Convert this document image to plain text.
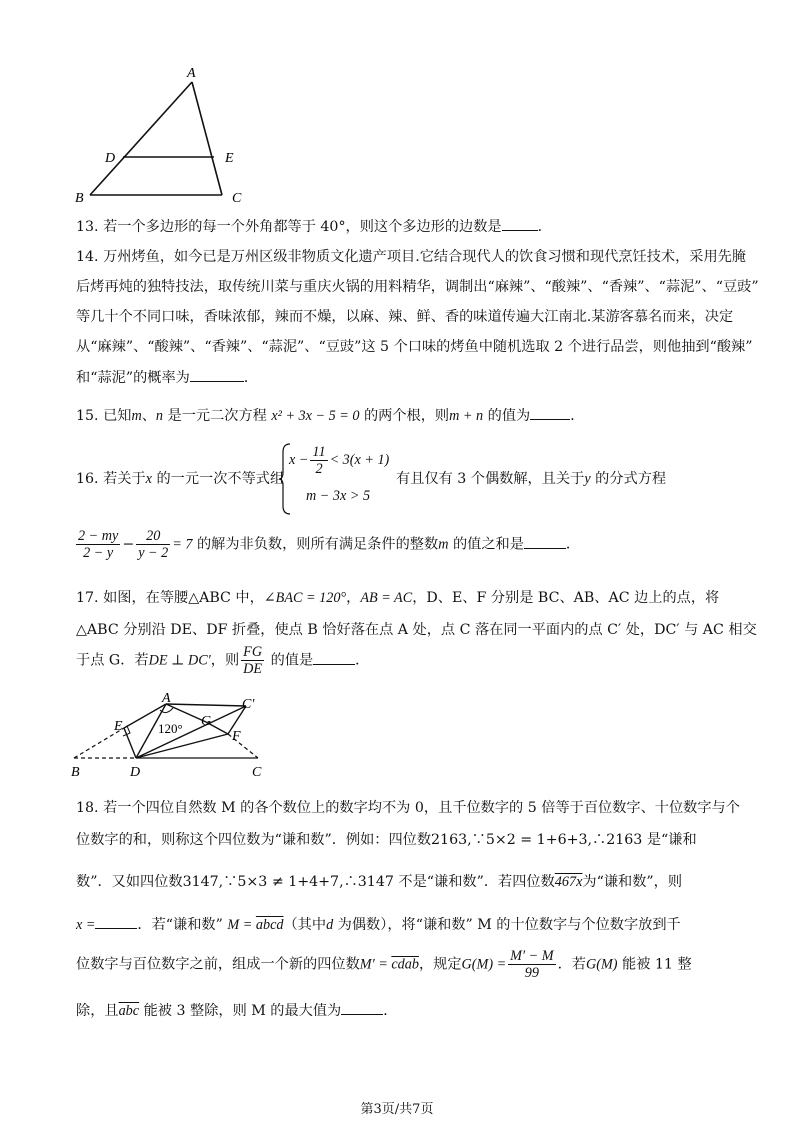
A
D	E
B	C
13. 若一个多边形的每一个外角都等于 40°，则这个多边形的边数是	．
14. 万州烤鱼，如今已是万州区级非物质文化遗产项目.它结合现代人的饮食习惯和现代烹饪技术，采用先腌
后烤再炖的独特技法，取传统川菜与重庆火锅的用料精华，调制出“麻辣”、“酸辣”、“香辣”、“蒜泥”、“豆豉”
等几十个不同口味，香味浓郁，辣而不燥，以麻、辣、鲜、香的味道传遍大江南北.某游客慕名而来，决定
从“麻辣”、“酸辣”、“香辣”、“蒜泥”、“豆豉”这 5 个口味的烤鱼中随机选取 2 个进行品尝，则他抽到“酸辣”
和“蒜泥”的概率为	．
15. 已知m、n 是一元二次方程 x² + 3x − 5 = 0 的两个根，则m + n 的值为	．
16. 若关于x 的一元一次不等式组
$x - \frac{11}{2} < 3(x + 1)$
m − 3x > 5
有且仅有 3 个偶数解，且关于y 的分式方程
$\frac{2 - my}{2 - y} - \frac{20}{y - 2} = 7$ 的解为非负数，则所有满足条件的整数m 的值之和是	．
17. 如图，在等腰△ABC 中，∠BAC = 120°，AB = AC，D、E、F 分别是 BC、AB、AC 边上的点，将
△ABC 分别沿 DE、DF 折叠，使点 B 恰好落在点 A 处，点 C 落在同一平面内的点 C′ 处，DC′ 与 AC 相交
于点 G．若DE ⊥ DC′，则 $\frac{FG}{DE}$ 的值是	．
A
120°
E	G
C′
F
B	D	C
18. 若一个四位自然数 M 的各个数位上的数字均不为 0，且千位数字的 5 倍等于百位数字、十位数字与个
位数字的和，则称这个四位数为“谦和数”．例如：四位数2163,∵5×2 = 1+6+3,∴2163 是“谦和
数”．又如四位数3147,∵5×3 ≠ 1+4+7,∴3147 不是“谦和数”．若四位数467x为“谦和数”，则
x =	．若“谦和数” M = abcd（其中d 为偶数），将“谦和数” M 的十位数字与个位数字放到千
位数字与百位数字之前，组成一个新的四位数M′ = cdab，规定$G(M) = \frac{M' - M}{99}$ ．若G(M) 能被 11 整
除，且$\overline{abc}$ 能被 3 整除，则 M 的最大值为	．
第3页/共7页
